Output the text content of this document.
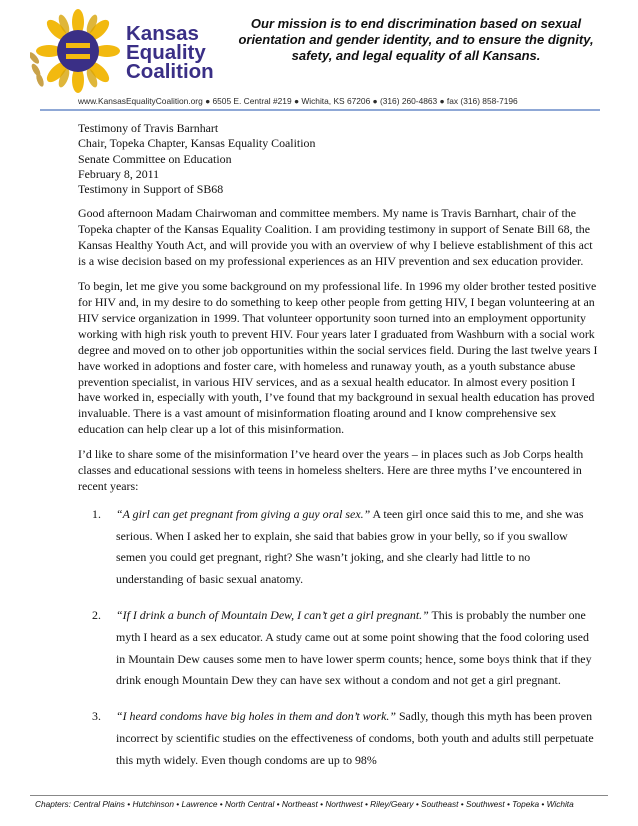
Kansas
Equality
Coalition
Our mission is to end discrimination based on sexual orientation and gender identity, and to ensure the dignity, safety, and legal equality of all Kansans.
www.KansasEqualityCoalition.org ● 6505 E. Central #219 ● Wichita, KS 67206 ● (316) 260-4863 ● fax (316) 858-7196
Testimony of Travis Barnhart
Chair, Topeka Chapter, Kansas Equality Coalition
Senate Committee on Education
February 8, 2011
Testimony in Support of SB68

Good afternoon Madam Chairwoman and committee members. My name is Travis Barnhart, chair of the Topeka chapter of the Kansas Equality Coalition. I am providing testimony in support of Senate Bill 68, the Kansas Healthy Youth Act, and will provide you with an overview of why I believe establishment of this act is a wise decision based on my professional experiences as an HIV prevention and sex education provider.

To begin, let me give you some background on my professional life. In 1996 my older brother tested positive for HIV and, in my desire to do something to keep other people from getting HIV, I began volunteering at an HIV service organization in 1999. That volunteer opportunity soon turned into an employment opportunity working with high risk youth to prevent HIV. Four years later I graduated from Washburn with a social work degree and moved on to other job opportunities within the social services field. During the last twelve years I have worked in adoptions and foster care, with homeless and runaway youth, as a youth substance abuse prevention specialist, in various HIV services, and as a sexual health educator. In almost every position I have worked in, especially with youth, I’ve found that my background in sexual health education has proved invaluable. There is a vast amount of misinformation floating around and I know comprehensive sex education can help clear up a lot of this misinformation.

I’d like to share some of the misinformation I’ve heard over the years – in places such as Job Corps health classes and educational sessions with teens in homeless shelters. Here are three myths I’ve encountered in recent years:

1. “A girl can get pregnant from giving a guy oral sex.” A teen girl once said this to me, and she was serious. When I asked her to explain, she said that babies grow in your belly, so if you swallow semen you could get pregnant, right? She wasn’t joking, and she clearly had little to no understanding of basic sexual anatomy.
2. “If I drink a bunch of Mountain Dew, I can’t get a girl pregnant.” This is probably the number one myth I heard as a sex educator. A study came out at some point showing that the food coloring used in Mountain Dew causes some men to have lower sperm counts; hence, some boys think that if they drink enough Mountain Dew they can have sex without a condom and not get a girl pregnant.
3. “I heard condoms have big holes in them and don’t work.” Sadly, though this myth has been proven incorrect by scientific studies on the effectiveness of condoms, both youth and adults still perpetuate this myth widely. Even though condoms are up to 98%
Chapters: Central Plains • Hutchinson • Lawrence • North Central • Northeast • Northwest • Riley/Geary • Southeast • Southwest • Topeka • Wichita
